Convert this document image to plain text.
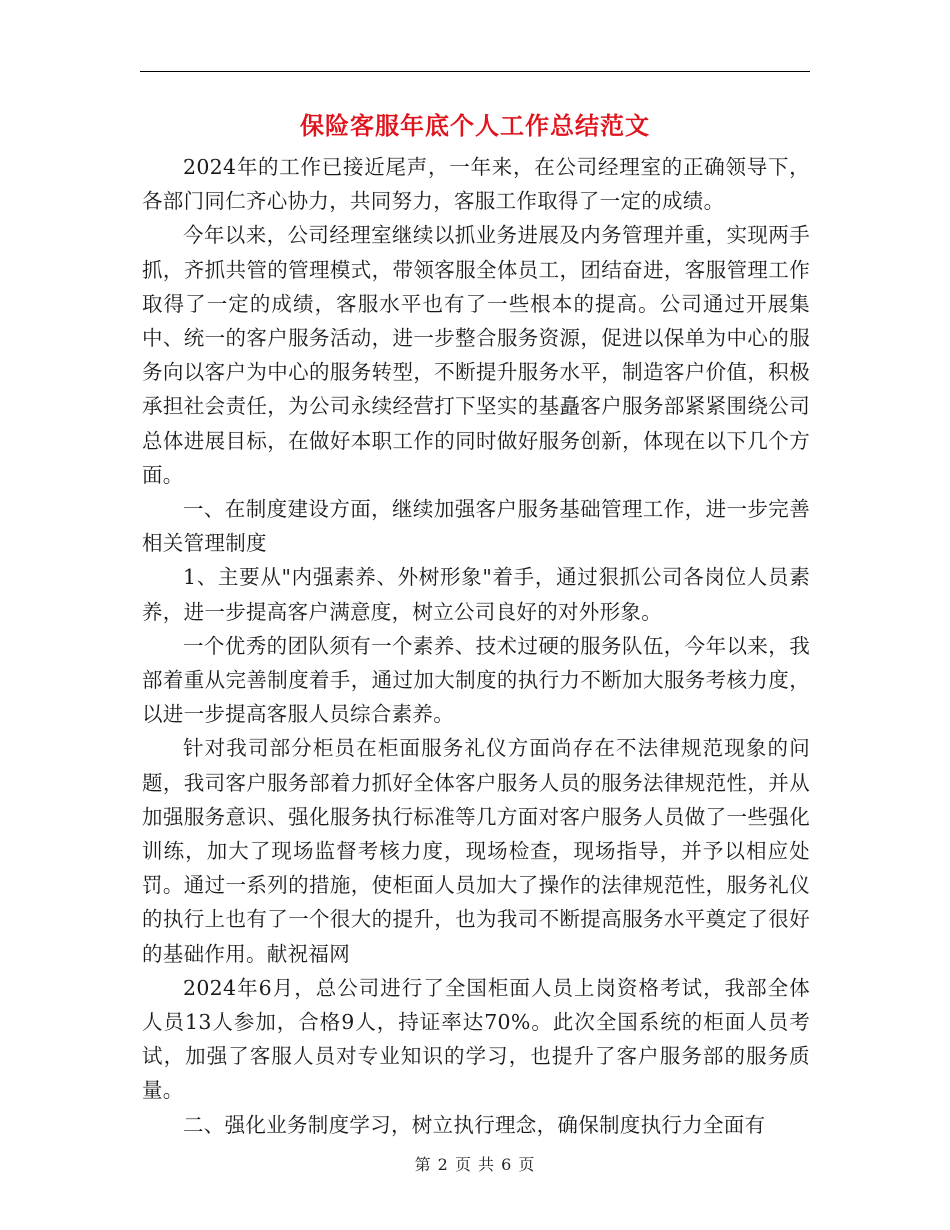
保险客服年底个人工作总结范文

2024年的工作已接近尾声，一年来，在公司经理室的正确领导下，各部门同仁齐心协力，共同努力，客服工作取得了一定的成绩。

今年以来，公司经理室继续以抓业务进展及内务管理并重，实现两手抓，齐抓共管的管理模式，带领客服全体员工，团结奋进，客服管理工作取得了一定的成绩，客服水平也有了一些根本的提高。公司通过开展集中、统一的客户服务活动，进一步整合服务资源，促进以保单为中心的服务向以客户为中心的服务转型，不断提升服务水平，制造客户价值，积极承担社会责任，为公司永续经营打下坚实的基矗客户服务部紧紧围绕公司总体进展目标，在做好本职工作的同时做好服务创新，体现在以下几个方面。

一、在制度建设方面，继续加强客户服务基础管理工作，进一步完善相关管理制度

1、主要从"内强素养、外树形象"着手，通过狠抓公司各岗位人员素养，进一步提高客户满意度，树立公司良好的对外形象。

一个优秀的团队须有一个素养、技术过硬的服务队伍，今年以来，我部着重从完善制度着手，通过加大制度的执行力不断加大服务考核力度，以进一步提高客服人员综合素养。

针对我司部分柜员在柜面服务礼仪方面尚存在不法律规范现象的问题，我司客户服务部着力抓好全体客户服务人员的服务法律规范性，并从加强服务意识、强化服务执行标准等几方面对客户服务人员做了一些强化训练，加大了现场监督考核力度，现场检查，现场指导，并予以相应处罚。通过一系列的措施，使柜面人员加大了操作的法律规范性，服务礼仪的执行上也有了一个很大的提升，也为我司不断提高服务水平奠定了很好的基础作用。献祝福网

2024年6月，总公司进行了全国柜面人员上岗资格考试，我部全体人员13人参加，合格9人，持证率达70%。此次全国系统的柜面人员考试，加强了客服人员对专业知识的学习，也提升了客户服务部的服务质量。

二、强化业务制度学习，树立执行理念，确保制度执行力全面有

第 2 页 共 6 页
